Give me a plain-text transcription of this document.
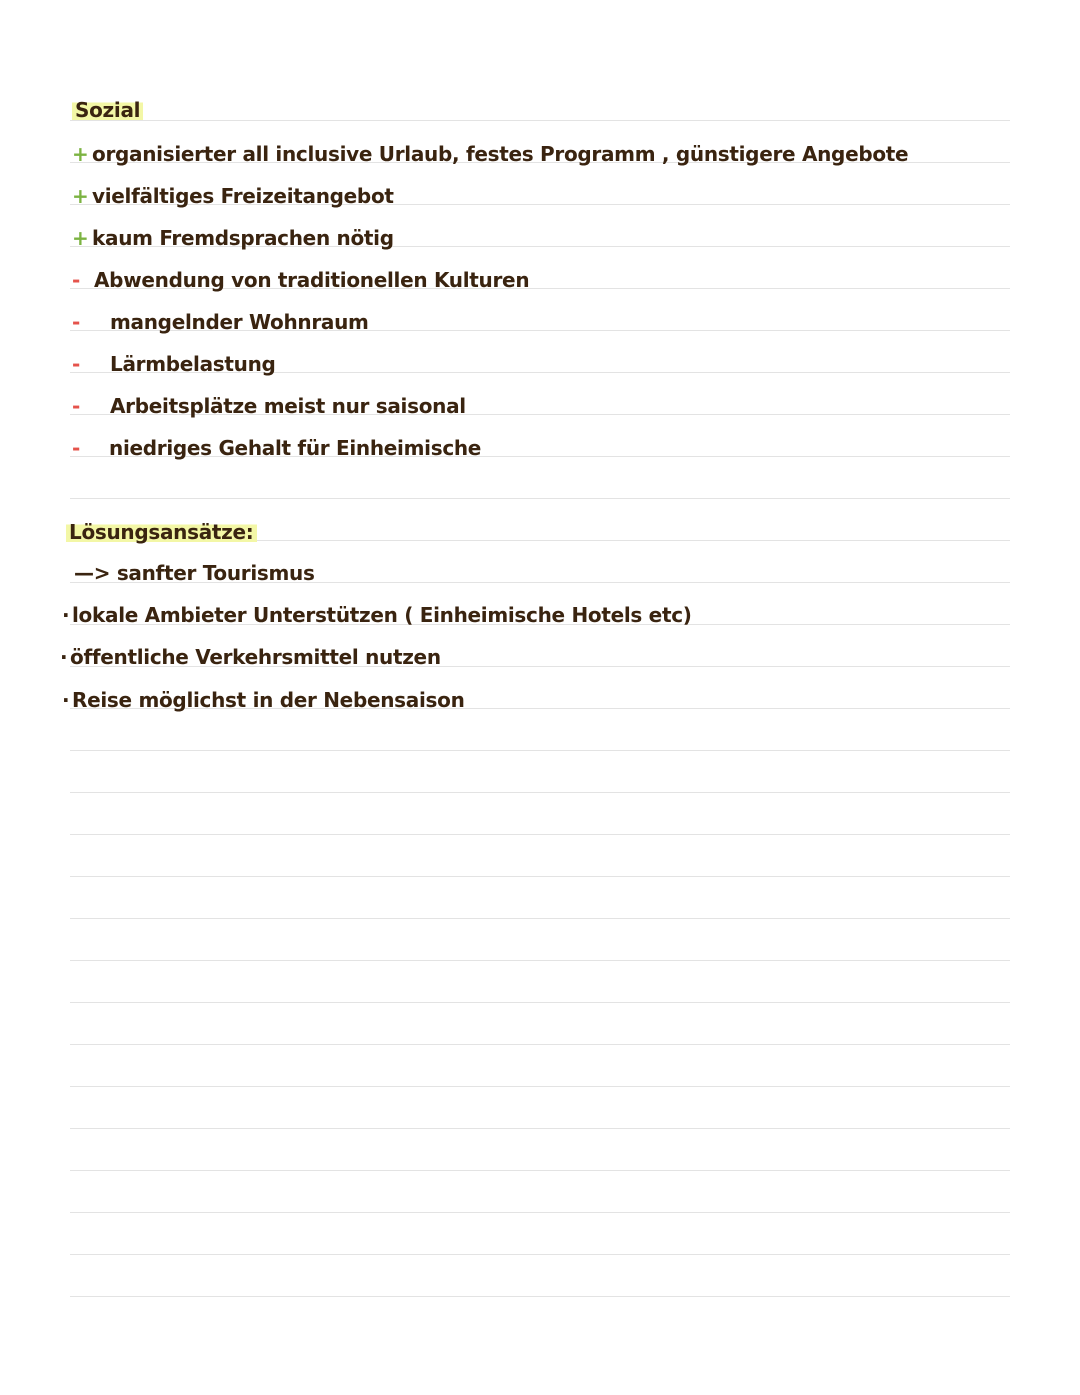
Sozial
+ organisierter all inclusive Urlaub, festes Programm , günstigere Angebote
+ vielfältiges Freizeitangebot
+ kaum Fremdsprachen nötig
- Abwendung von traditionellen Kulturen
- mangelnder Wohnraum
- Lärmbelastung
- Arbeitsplätze meist nur saisonal
- niedriges Gehalt für Einheimische
Lösungsansätze:
—> sanfter Tourismus
· lokale Ambieter Unterstützen ( Einheimische Hotels etc)
· öffentliche Verkehrsmittel nutzen
· Reise möglichst in der Nebensaison
